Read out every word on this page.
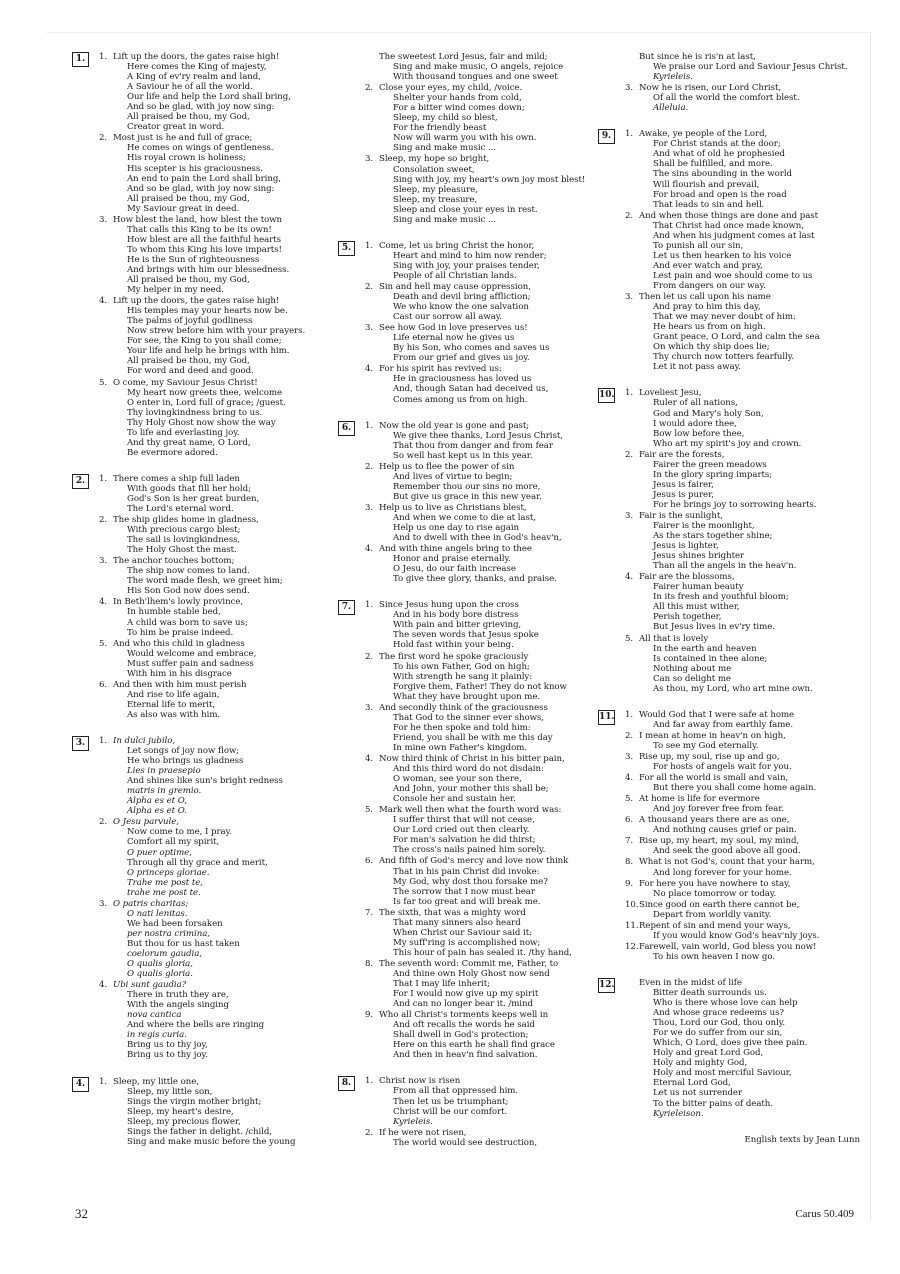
1.	1. Lift up the doors, the gates raise high!
Here comes the King of majesty,
A King of ev'ry realm and land,
A Saviour he of all the world.
Our life and help the Lord shall bring,
And so be glad, with joy now sing:
All praised be thou, my God,
Creator great in word.
2. Most just is he and full of grace;
He comes on wings of gentleness.
His royal crown is holiness;
His scepter is his graciousness.
An end to pain the Lord shall bring,
And so be glad, with joy now sing:
All praised be thou, my God,
My Saviour great in deed.
3. How blest the land, how blest the town
That calls this King to be its own!
How blest are all the faithful hearts
To whom this King his love imparts!
He is the Sun of righteousness
And brings with him our blessedness.
All praised be thou, my God,
My helper in my need.
4. Lift up the doors, the gates raise high!
His temples may your hearts now be.
The palms of joyful godliness
Now strew before him with your prayers.
For see, the King to you shall come;
Your life and help he brings with him.
All praised be thou, my God,
For word and deed and good.
5. O come, my Saviour Jesus Christ!
My heart now greets thee, welcome
O enter in, Lord full of grace; /guest.
Thy lovingkindness bring to us.
Thy Holy Ghost now show the way
To life and everlasting joy.
And thy great name, O Lord,
Be evermore adored.
2.	1. There comes a ship full laden
With goods that fill her hold;
God's Son is her great burden,
The Lord's eternal word.
2. The ship glides home in gladness,
With precious cargo blest;
The sail is lovingkindness,
The Holy Ghost the mast.
3. The anchor touches bottom;
The ship now comes to land.
The word made flesh, we greet him;
His Son God now does send.
4. In Beth'lhem's lowly province,
In humble stable bed,
A child was born to save us;
To him be praise indeed.
5. And who this child in gladness
Would welcome and embrace,
Must suffer pain and sadness
With him in his disgrace
6. And then with him must perish
And rise to life again,
Eternal life to merit,
As also was with him.
3.	1. In dulci jubilo,
Let songs of joy now flow;
He who brings us gladness
Lies in praesepio
And shines like sun's bright redness
matris in gremio.
Alpha es et O,
Alpha es et O.
2. O Jesu parvule,
Now come to me, I pray.
Comfort all my spirit,
O puer optime,
Through all thy grace and merit,
O princeps gloriae.
Trahe me post te,
trahe me post te.
3. O patris charitas;
O nati lenitas.
We had been forsaken
per nostra crimina,
But thou for us hast taken
coelorum gaudia,
O qualis gloria,
O qualis gloria.
4. Ubi sunt gaudia?
There in truth they are,
With the angels singing
nova cantica
And where the bells are ringing
in regis curia.
Bring us to thy joy,
Bring us to thy joy.
4.	1. Sleep, my little one,
Sleep, my little son,
Sings the virgin mother bright;
Sleep, my heart's desire,
Sleep, my precious flower,
Sings the father in delight. /child,
Sing and make music before the young
The sweetest Lord Jesus, fair and mild;
Sing and make music, O angels, rejoice
With thousand tongues and one sweet
2. Close your eyes, my child, /voice.
Shelter your hands from cold,
For a bitter wind comes down;
Sleep, my child so blest,
For the friendly beast
Now will warm you with his own.
Sing and make music ...
3. Sleep, my hope so bright,
Consolation sweet,
Sing with joy, my heart's own joy most blest!
Sleep, my pleasure,
Sleep, my treasure,
Sleep and close your eyes in rest.
Sing and make music ...
5.	1. Come, let us bring Christ the honor,
Heart and mind to him now render;
Sing with joy, your praises tender,
People of all Christian lands.
2. Sin and hell may cause oppression,
Death and devil bring affliction;
We who know the one salvation
Cast our sorrow all away.
3. See how God in love preserves us!
Life eternal now he gives us
By his Son, who comes and saves us
From our grief and gives us joy.
4. For his spirit has revived us:
He in graciousness has loved us
And, though Satan had deceived us,
Comes among us from on high.
6.	1. Now the old year is gone and past;
We give thee thanks, Lord Jesus Christ,
That thou from danger and from fear
So well hast kept us in this year.
2. Help us to flee the power of sin
And lives of virtue to begin;
Remember thou our sins no more,
But give us grace in this new year.
3. Help us to live as Christians blest,
And when we come to die at last,
Help us one day to rise again
And to dwell with thee in God's heav'n,
4. And with thine angels bring to thee
Honor and praise eternally.
O Jesu, do our faith increase
To give thee glory, thanks, and praise.
7.	1. Since Jesus hung upon the cross
And in his body bore distress
With pain and bitter grieving,
The seven words that Jesus spoke
Hold fast within your being.
2. The first word he spoke graciously
To his own Father, God on high;
With strength he sang it plainly:
Forgive them, Father! They do not know
What they have brought upon me.
3. And secondly think of the graciousness
That God to the sinner ever shows,
For he then spoke and told him:
Friend, you shall be with me this day
In mine own Father's kingdom.
4. Now third think of Christ in his bitter pain,
And this third word do not disdain:
O woman, see your son there,
And John, your mother this shall be;
Console her and sustain her.
5. Mark well then what the fourth word was:
I suffer thirst that will not cease,
Our Lord cried out then clearly.
For man's salvation he did thirst;
The cross's nails pained him sorely.
6. And fifth of God's mercy and love now think
That in his pain Christ did invoke:
My God, why dost thou forsake me?
The sorrow that I now must bear
Is far too great and will break me.
7. The sixth, that was a mighty word
That many sinners also heard
When Christ our Saviour said it:
My suff'ring is accomplished now;
This hour of pain has sealed it. /thy hand,
8. The seventh word: Commit me, Father, to
And thine own Holy Ghost now send
That I may life inherit;
For I would now give up my spirit
And can no longer bear it. /mind
9. Who all Christ's torments keeps well in
And oft recalls the words he said
Shall dwell in God's protection;
Here on this earth he shall find grace
And then in heav'n find salvation.
8.	1. Christ now is risen
From all that oppressed him.
Then let us be triumphant;
Christ will be our comfort.
Kyrieleis.
2. If he were not risen,
The world would see destruction,
But since he is ris'n at last,
We praise our Lord and Saviour Jesus Christ.
Kyrieleis.
3. Now he is risen, our Lord Christ,
Of all the world the comfort blest.
Alleluia.
9.	1. Awake, ye people of the Lord,
For Christ stands at the door;
And what of old he prophesied
Shall be fulfilled, and more.
The sins abounding in the world
Will flourish and prevail,
For broad and open is the road
That leads to sin and hell.
2. And when those things are done and past
That Christ had once made known,
And when his judgment comes at last
To punish all our sin,
Let us then hearken to his voice
And ever watch and pray,
Lest pain and woe should come to us
From dangers on our way.
3. Then let us call upon his name
And pray to him this day,
That we may never doubt of him:
He hears us from on high.
Grant peace, O Lord, and calm the sea
On which thy ship does lie;
Thy church now totters fearfully.
Let it not pass away.
10. 1. Loveliest Jesu,
Ruler of all nations,
God and Mary's holy Son,
I would adore thee,
Bow low before thee,
Who art my spirit's joy and crown.
2. Fair are the forests,
Fairer the green meadows
In the glory spring imparts;
Jesus is fairer,
Jesus is purer,
For he brings joy to sorrowing hearts.
3. Fair is the sunlight,
Fairer is the moonlight,
As the stars together shine;
Jesus is lighter,
Jesus shines brighter
Than all the angels in the heav'n.
4. Fair are the blossoms,
Fairer human beauty
In its fresh and youthful bloom;
All this must wither,
Perish together,
But Jesus lives in ev'ry time.
5. All that is lovely
In the earth and heaven
Is contained in thee alone;
Nothing about me
Can so delight me
As thou, my Lord, who art mine own.
11. 1. Would God that I were safe at home
And far away from earthly fame.
2. I mean at home in heav'n on high,
To see my God eternally.
3. Rise up, my soul, rise up and go,
For hosts of angels wait for you.
4. For all the world is small and vain,
But there you shall come home again.
5. At home is life for evermore
And joy forever free from fear.
6. A thousand years there are as one,
And nothing causes grief or pain.
7. Rise up, my heart, my soul, my mind,
And seek the good above all good.
8. What is not God's, count that your harm,
And long forever for your home.
9. For here you have nowhere to stay,
No place tomorrow or today.
10. Since good on earth there cannot be,
Depart from worldly vanity.
11. Repent of sin and mend your ways,
If you would know God's heav'nly joys.
12. Farewell, vain world, God bless you now!
To his own heaven I now go.
12.	Even in the midst of life
Bitter death surrounds us.
Who is there whose love can help
And whose grace redeems us?
Thou, Lord our God, thou only.
For we do suffer from our sin,
Which, O Lord, does give thee pain.
Holy and great Lord God,
Holy and mighty God,
Holy and most merciful Saviour,
Eternal Lord God,
Let us not surrender
To the bitter pains of death.
Kyrieleison.
English texts by Jean Lunn
32	Carus 50.409
